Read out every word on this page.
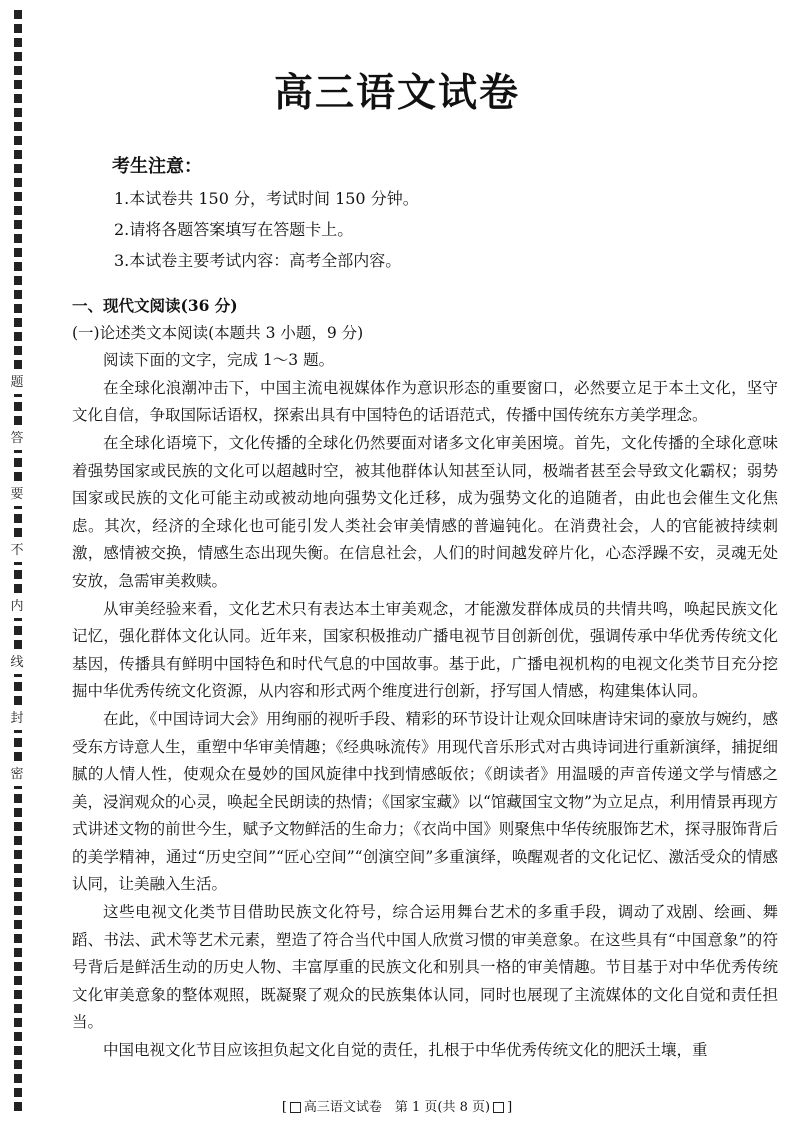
题
答
要
不
内
线
封
密
高三语文试卷
考生注意：
1.本试卷共 150 分，考试时间 150 分钟。
2.请将各题答案填写在答题卡上。
3.本试卷主要考试内容：高考全部内容。
一、现代文阅读(36 分)
(一)论述类文本阅读(本题共 3 小题，9 分)
阅读下面的文字，完成 1～3 题。

在全球化浪潮冲击下，中国主流电视媒体作为意识形态的重要窗口，必然要立足于本土文化，坚守文化自信，争取国际话语权，探索出具有中国特色的话语范式，传播中国传统东方美学理念。

在全球化语境下，文化传播的全球化仍然要面对诸多文化审美困境。首先，文化传播的全球化意味着强势国家或民族的文化可以超越时空，被其他群体认知甚至认同，极端者甚至会导致文化霸权；弱势国家或民族的文化可能主动或被动地向强势文化迁移，成为强势文化的追随者，由此也会催生文化焦虑。其次，经济的全球化也可能引发人类社会审美情感的普遍钝化。在消费社会，人的官能被持续刺激，感情被交换，情感生态出现失衡。在信息社会，人们的时间越发碎片化，心态浮躁不安，灵魂无处安放，急需审美救赎。

从审美经验来看，文化艺术只有表达本土审美观念，才能激发群体成员的共情共鸣，唤起民族文化记忆，强化群体文化认同。近年来，国家积极推动广播电视节目创新创优，强调传承中华优秀传统文化基因，传播具有鲜明中国特色和时代气息的中国故事。基于此，广播电视机构的电视文化类节目充分挖掘中华优秀传统文化资源，从内容和形式两个维度进行创新，抒写国人情感，构建集体认同。

在此，《中国诗词大会》用绚丽的视听手段、精彩的环节设计让观众回味唐诗宋词的豪放与婉约，感受东方诗意人生，重塑中华审美情趣；《经典咏流传》用现代音乐形式对古典诗词进行重新演绎，捕捉细腻的人情人性，使观众在曼妙的国风旋律中找到情感皈依；《朗读者》用温暖的声音传递文学与情感之美，浸润观众的心灵，唤起全民朗读的热情；《国家宝藏》以“馆藏国宝文物”为立足点，利用情景再现方式讲述文物的前世今生，赋予文物鲜活的生命力；《衣尚中国》则聚焦中华传统服饰艺术，探寻服饰背后的美学精神，通过“历史空间”“匠心空间”“创演空间”多重演绎，唤醒观者的文化记忆、激活受众的情感认同，让美融入生活。

这些电视文化类节目借助民族文化符号，综合运用舞台艺术的多重手段，调动了戏剧、绘画、舞蹈、书法、武术等艺术元素，塑造了符合当代中国人欣赏习惯的审美意象。在这些具有“中国意象”的符号背后是鲜活生动的历史人物、丰富厚重的民族文化和别具一格的审美情趣。节目基于对中华优秀传统文化审美意象的整体观照，既凝聚了观众的民族集体认同，同时也展现了主流媒体的文化自觉和责任担当。

中国电视文化节目应该担负起文化自觉的责任，扎根于中华优秀传统文化的肥沃土壤，重

[ 高三语文试卷　第 1 页(共 8 页) ]
